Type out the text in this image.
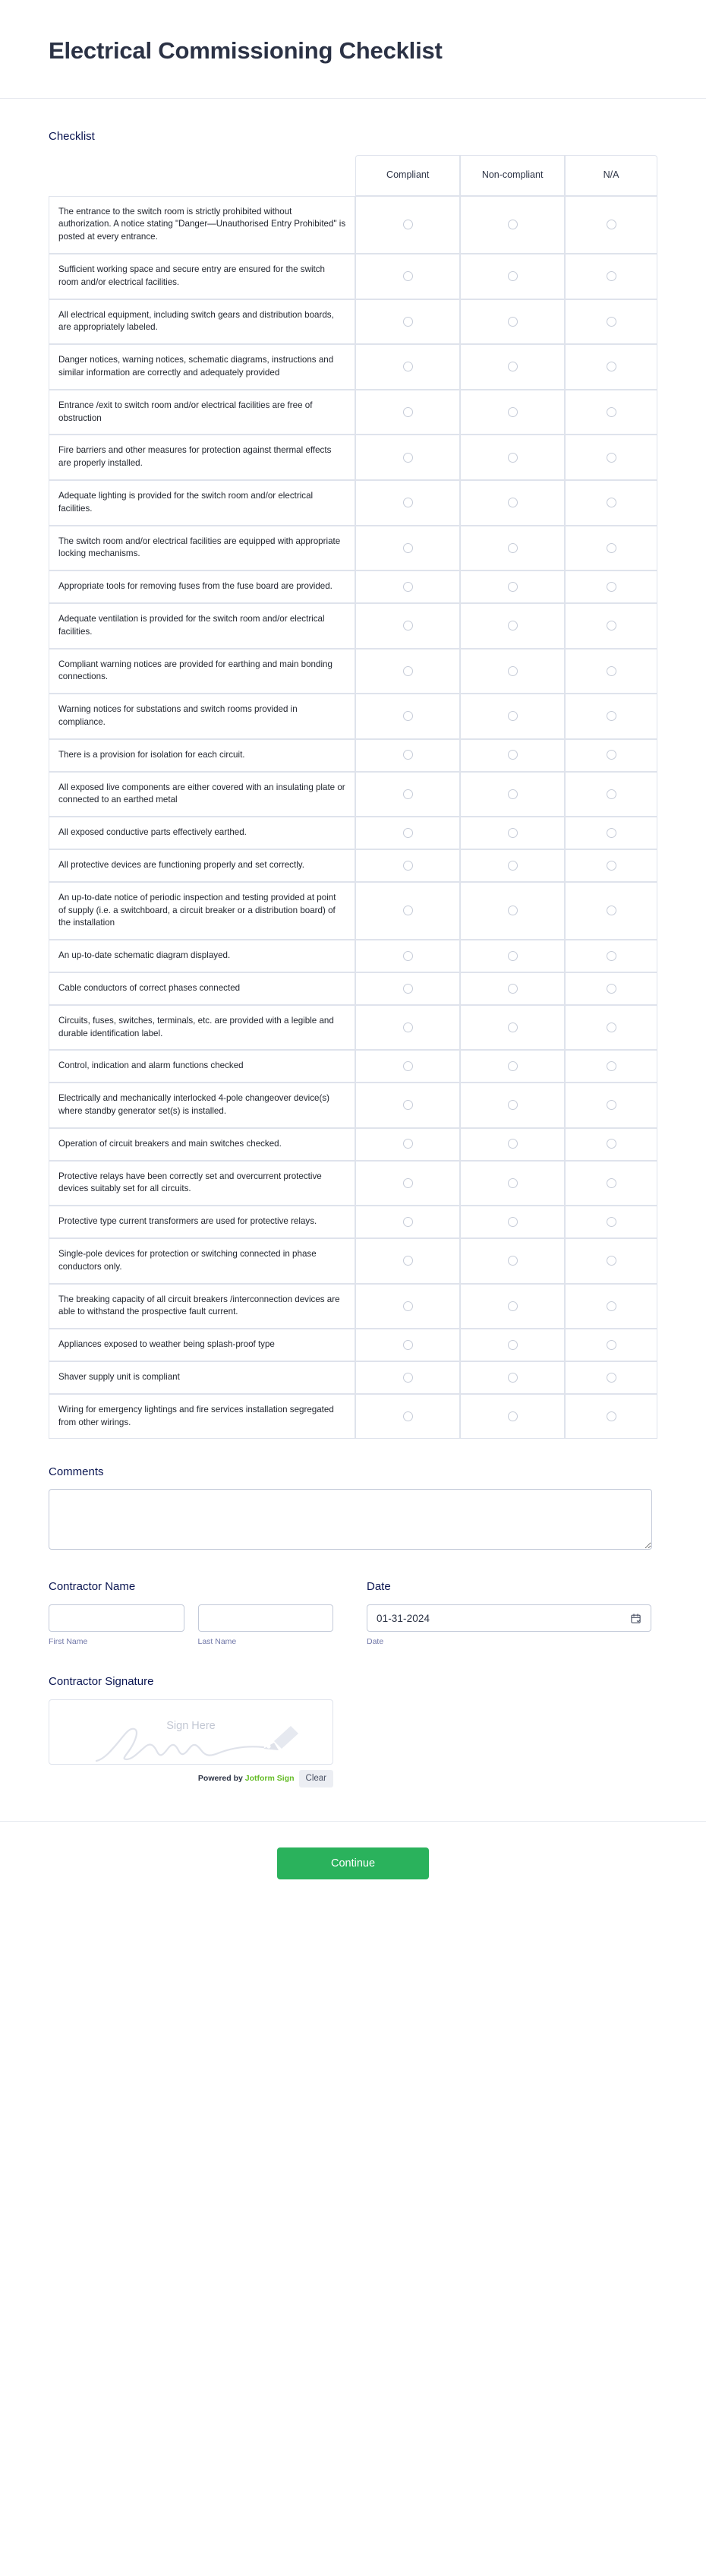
Electrical Commissioning Checklist
Checklist
	Compliant	Non-compliant	N/A
The entrance to the switch room is strictly prohibited without authorization. A notice stating "Danger—Unauthorised Entry Prohibited" is posted at every entrance.			
Sufficient working space and secure entry are ensured for the switch room and/or electrical facilities.			
All electrical equipment, including switch gears and distribution boards, are appropriately labeled.			
Danger notices, warning notices, schematic diagrams, instructions and similar information are correctly and adequately provided			
Entrance /exit to switch room and/or electrical facilities are free of obstruction			
Fire barriers and other measures for protection against thermal effects are properly installed.			
Adequate lighting is provided for the switch room and/or electrical facilities.			
The switch room and/or electrical facilities are equipped with appropriate locking mechanisms.			
Appropriate tools for removing fuses from the fuse board are provided.			
Adequate ventilation is provided for the switch room and/or electrical facilities.			
Compliant warning notices are provided for earthing and main bonding connections.			
Warning notices for substations and switch rooms provided in compliance.			
There is a provision for isolation for each circuit.			
All exposed live components are either covered with an insulating plate or connected to an earthed metal			
All exposed conductive parts effectively earthed.			
All protective devices are functioning properly and set correctly.			
An up-to-date notice of periodic inspection and testing provided at point of supply (i.e. a switchboard, a circuit breaker or a distribution board) of the installation			
An up-to-date schematic diagram displayed.			
Cable conductors of correct phases connected			
Circuits, fuses, switches, terminals, etc. are provided with a legible and durable identification label.			
Control, indication and alarm functions checked			
Electrically and mechanically interlocked 4-pole changeover device(s) where standby generator set(s) is installed.			
Operation of circuit breakers and main switches checked.			
Protective relays have been correctly set and overcurrent protective devices suitably set for all circuits.			
Protective type current transformers are used for protective relays.			
Single-pole devices for protection or switching connected in phase conductors only.			
The breaking capacity of all circuit breakers /interconnection devices are able to withstand the prospective fault current.			
Appliances exposed to weather being splash-proof type			
Shaver supply unit is compliant			
Wiring for emergency lightings and fire services installation segregated from other wirings.			
Comments
Contractor Name
First Name	Last Name
Date
01-31-2024
Date
Contractor Signature
Sign Here
Powered by Jotform Sign	Clear
Continue
